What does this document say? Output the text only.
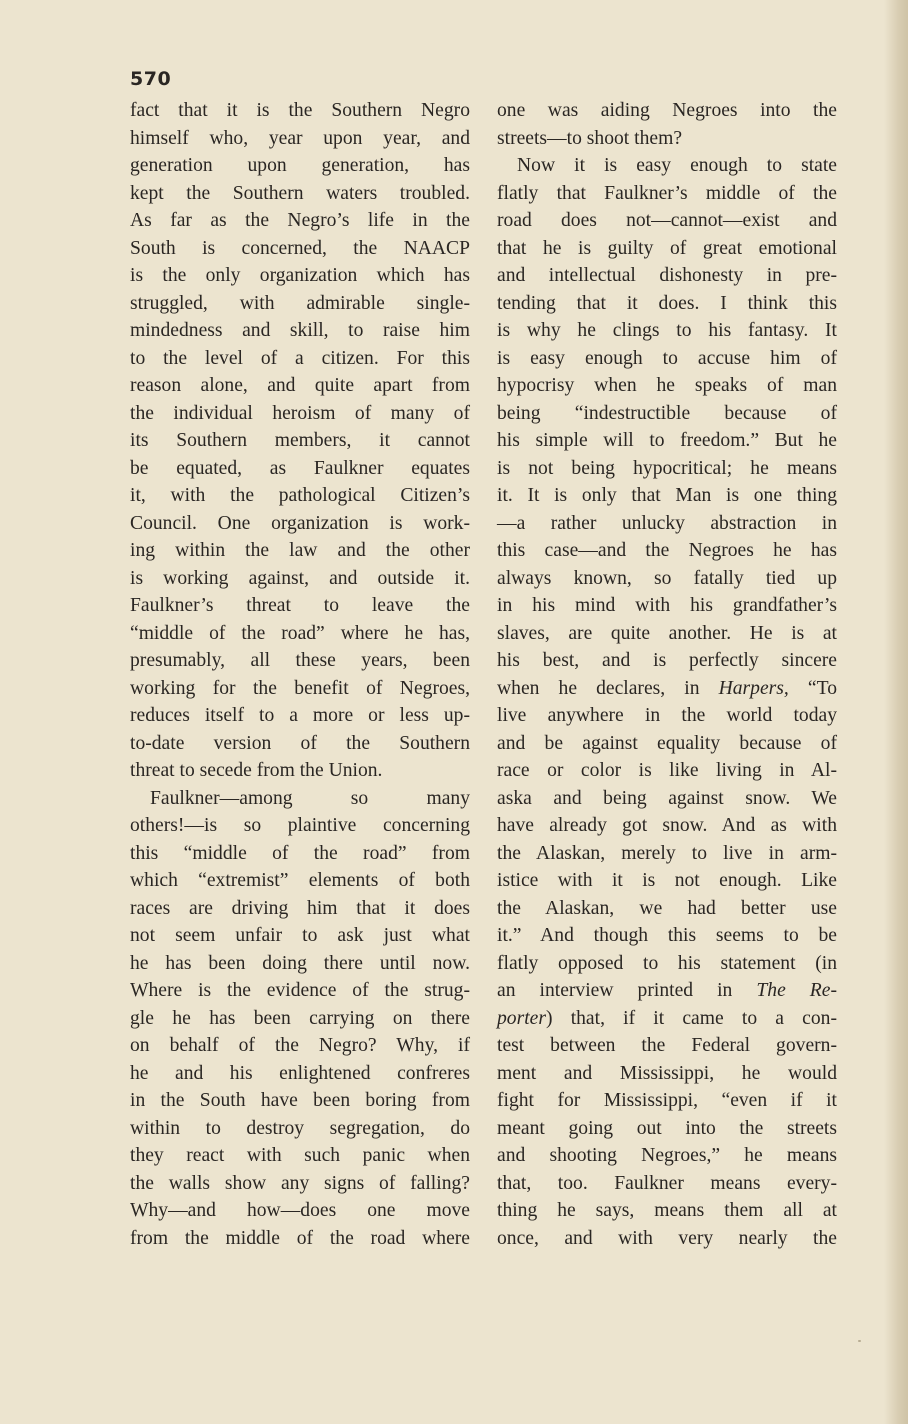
570
fact that it is the Southern Negro
himself who, year upon year, and
generation upon generation, has
kept the Southern waters troubled.
As far as the Negro’s life in the
South is concerned, the NAACP
is the only organization which has
struggled, with admirable single-
mindedness and skill, to raise him
to the level of a citizen. For this
reason alone, and quite apart from
the individual heroism of many of
its Southern members, it cannot
be equated, as Faulkner equates
it, with the pathological Citizen’s
Council. One organization is work-
ing within the law and the other
is working against, and outside it.
Faulkner’s threat to leave the
“middle of the road” where he has,
presumably, all these years, been
working for the benefit of Negroes,
reduces itself to a more or less up-
to-date version of the Southern
threat to secede from the Union.
Faulkner—among so many
others!—is so plaintive concerning
this “middle of the road” from
which “extremist” elements of both
races are driving him that it does
not seem unfair to ask just what
he has been doing there until now.
Where is the evidence of the strug-
gle he has been carrying on there
on behalf of the Negro? Why, if
he and his enlightened confreres
in the South have been boring from
within to destroy segregation, do
they react with such panic when
the walls show any signs of falling?
Why—and how—does one move
from the middle of the road where
one was aiding Negroes into the
streets—to shoot them?
Now it is easy enough to state
flatly that Faulkner’s middle of the
road does not—cannot—exist and
that he is guilty of great emotional
and intellectual dishonesty in pre-
tending that it does. I think this
is why he clings to his fantasy. It
is easy enough to accuse him of
hypocrisy when he speaks of man
being “indestructible because of
his simple will to freedom.” But he
is not being hypocritical; he means
it. It is only that Man is one thing
—a rather unlucky abstraction in
this case—and the Negroes he has
always known, so fatally tied up
in his mind with his grandfather’s
slaves, are quite another. He is at
his best, and is perfectly sincere
when he declares, in Harpers, “To
live anywhere in the world today
and be against equality because of
race or color is like living in Al-
aska and being against snow. We
have already got snow. And as with
the Alaskan, merely to live in arm-
istice with it is not enough. Like
the Alaskan, we had better use
it.” And though this seems to be
flatly opposed to his statement (in
an interview printed in The Re-
porter) that, if it came to a con-
test between the Federal govern-
ment and Mississippi, he would
fight for Mississippi, “even if it
meant going out into the streets
and shooting Negroes,” he means
that, too. Faulkner means every-
thing he says, means them all at
once, and with very nearly the
